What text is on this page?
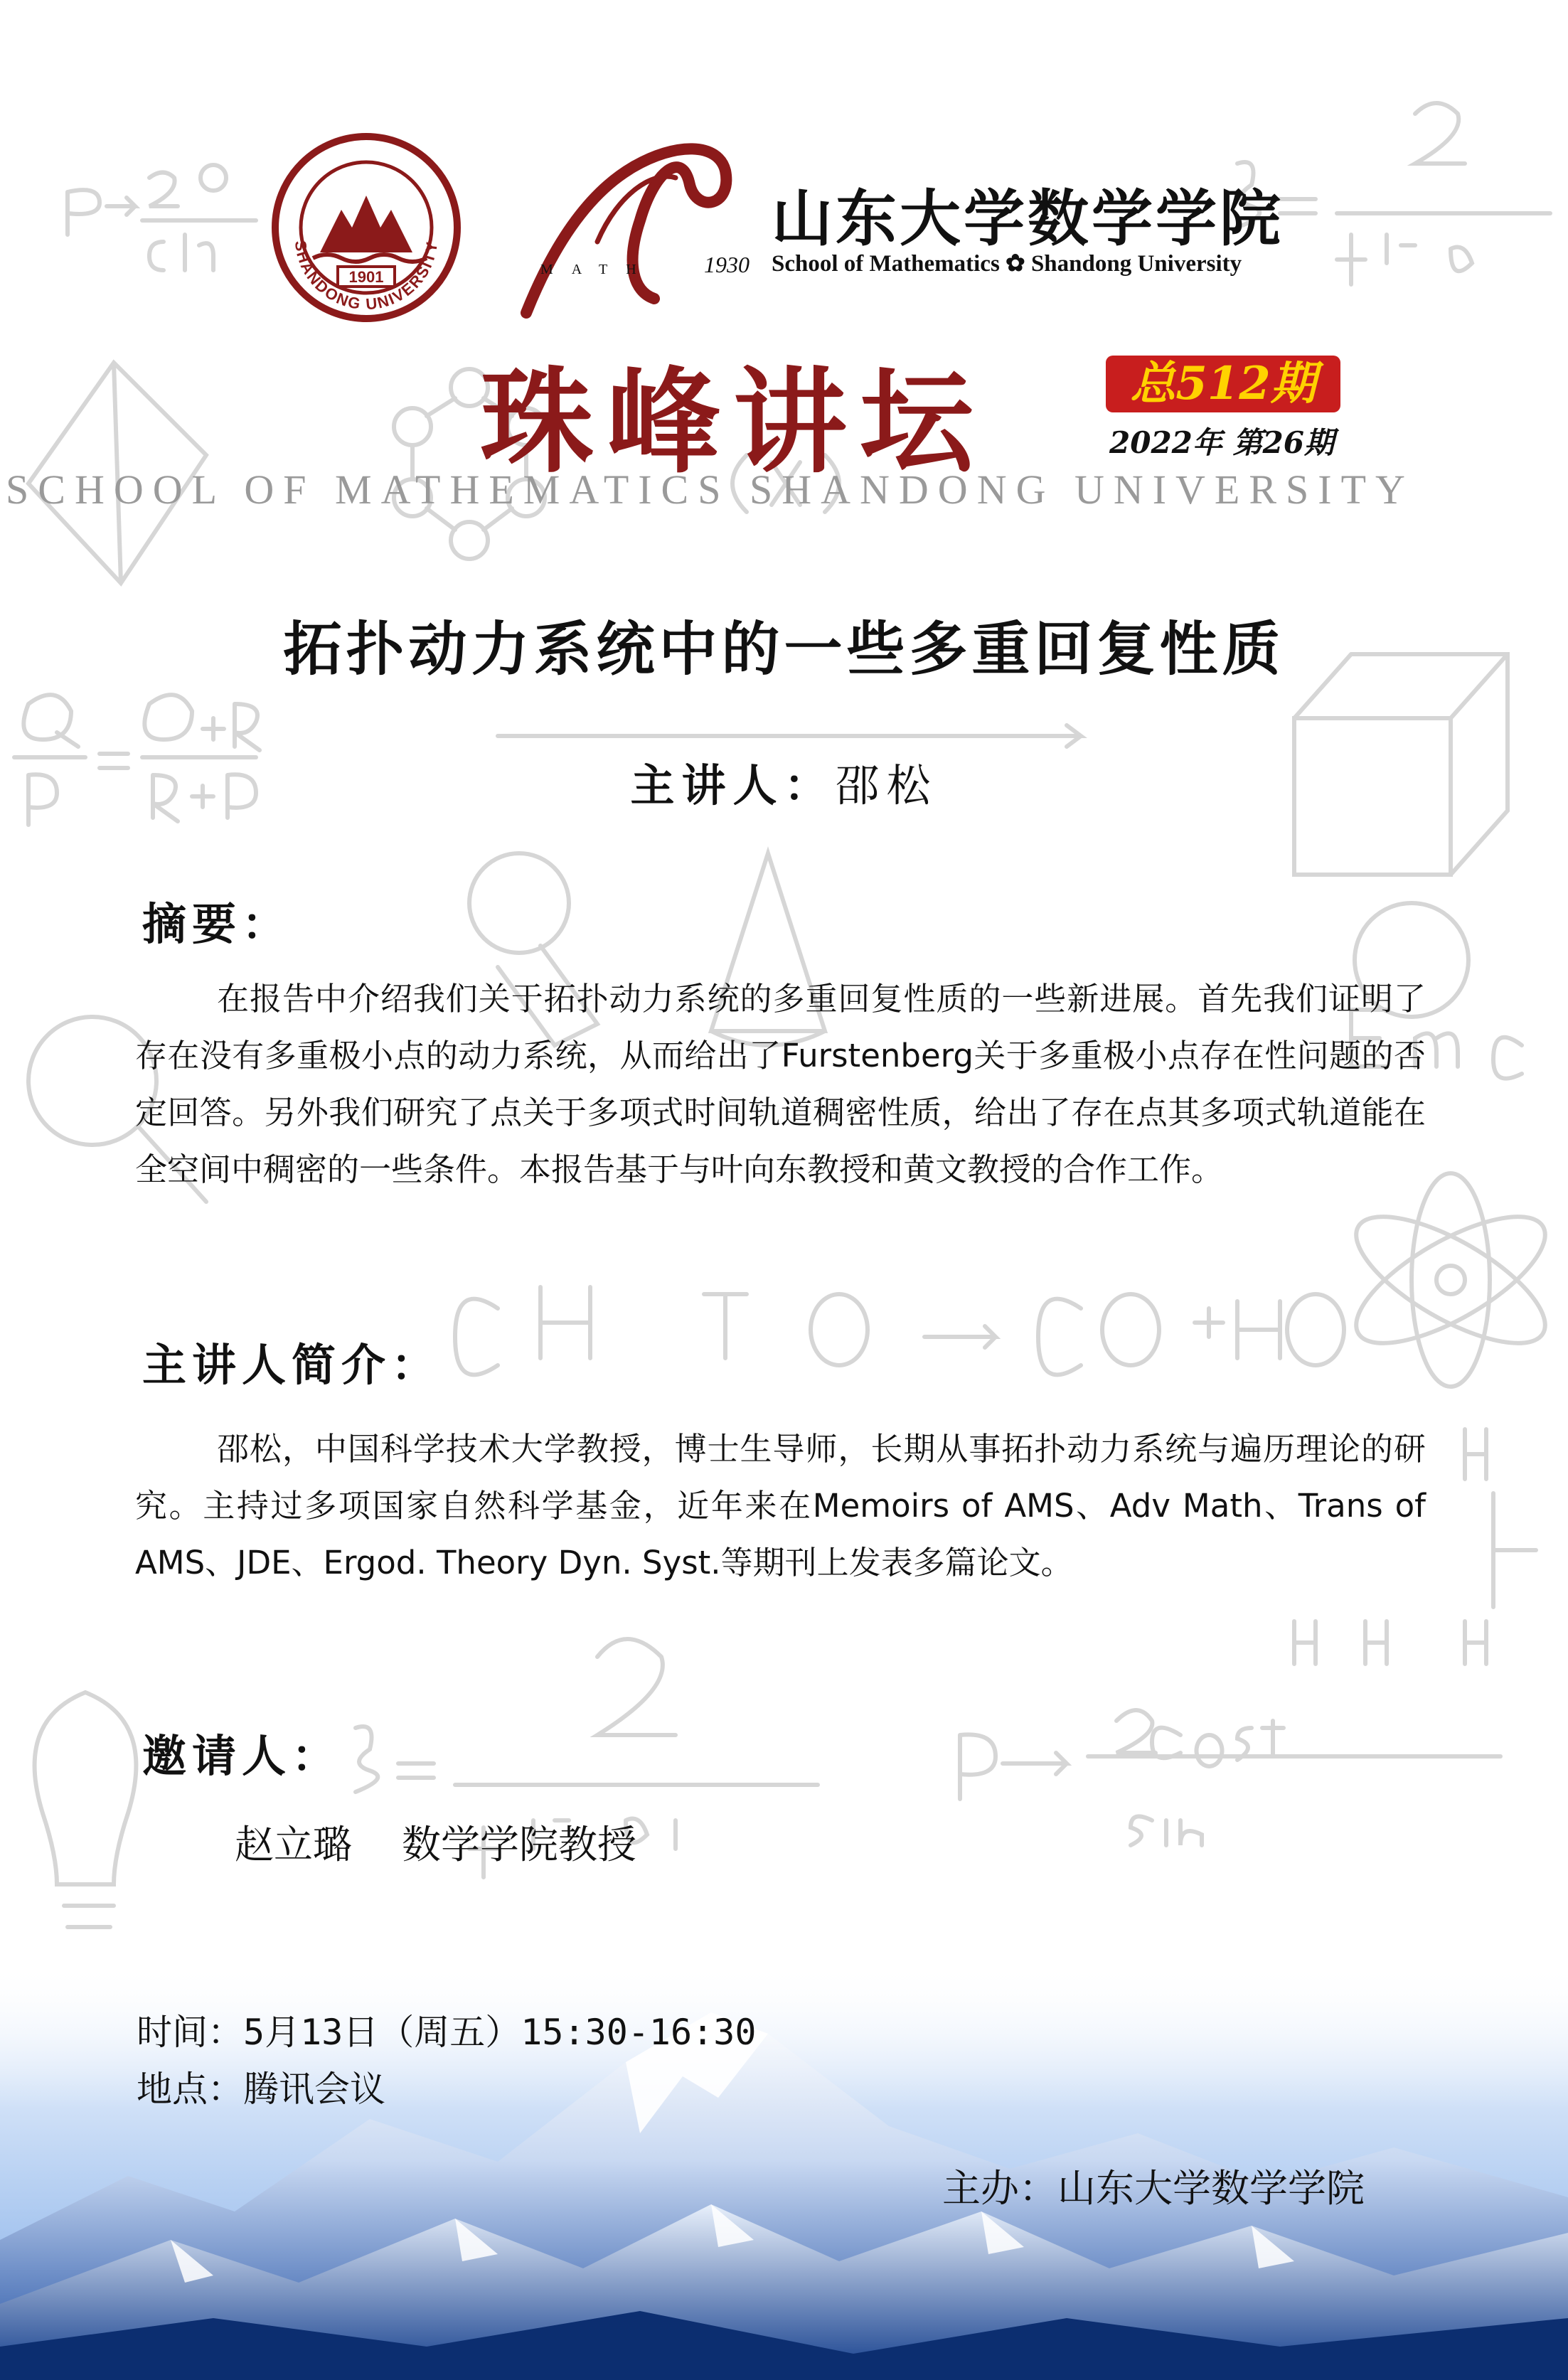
1901
SHANDONG UNIVERSITY
MATH 1930
山东大学数学学院
School of Mathematics ✿ Shandong University
珠峰讲坛	总512期
2022年 第26期
SCHOOL OF MATHEMATICS SHANDONG UNIVERSITY
拓扑动力系统中的一些多重回复性质
主讲人：邵松
摘要：
在报告中介绍我们关于拓扑动力系统的多重回复性质的一些新进展。首先我们证明了存在没有多重极小点的动力系统，从而给出了Furstenberg关于多重极小点存在性问题的否定回答。另外我们研究了点关于多项式时间轨道稠密性质，给出了存在点其多项式轨道能在全空间中稠密的一些条件。本报告基于与叶向东教授和黄文教授的合作工作。
主讲人简介：
邵松，中国科学技术大学教授，博士生导师，长期从事拓扑动力系统与遍历理论的研究。主持过多项国家自然科学基金，近年来在Memoirs of AMS、Adv Math、Trans of AMS、JDE、Ergod. Theory Dyn. Syst.等期刊上发表多篇论文。
邀请人：
赵立璐 数学学院教授
时间：5月13日（周五）15:30-16:30
地点：腾讯会议
主办：山东大学数学学院
